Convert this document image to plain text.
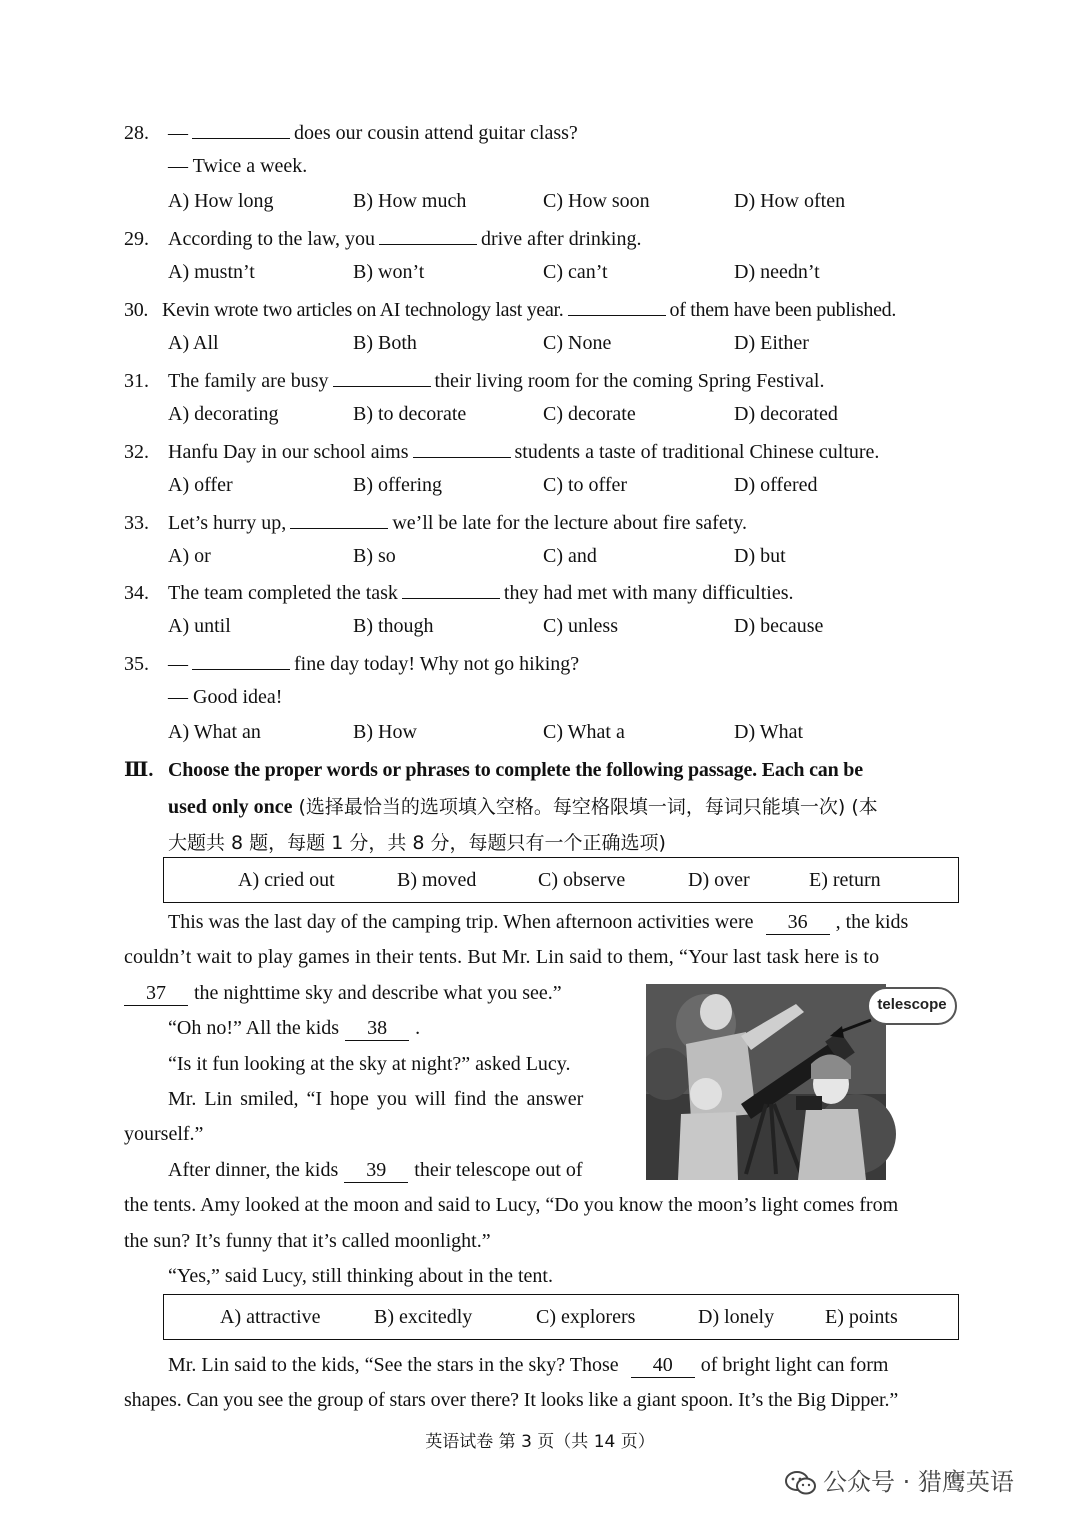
28. —	does our cousin attend guitar class?
— Twice a week.
A) How long	B) How much	C) How soon	D) How often
29. According to the law, you	drive after drinking.
A) mustn’t	B) won’t	C) can’t	D) needn’t
30. Kevin wrote two articles on AI technology last year.	of them have been published.
A) All	B) Both	C) None	D) Either
31. The family are busy	their living room for the coming Spring Festival.
A) decorating	B) to decorate	C) decorate	D) decorated
32. Hanfu Day in our school aims	students a taste of traditional Chinese culture.
A) offer	B) offering	C) to offer	D) offered
33. Let’s hurry up,	we’ll be late for the lecture about fire safety.
A) or	B) so	C) and	D) but
34. The team completed the task	they had met with many difficulties.
A) until	B) though	C) unless	D) because
35. —	fine day today! Why not go hiking?
— Good idea!
A) What an	B) How	C) What a	D) What
Ⅲ. Choose the proper words or phrases to complete the following passage. Each can be
used only once (选择最恰当的选项填入空格。每空格限填一词，每词只能填一次) (本
大题共 8 题，每题 1 分，共 8 分，每题只有一个正确选项)
A) cried out	B) moved	C) observe	D) over	E) return
This was the last day of the camping trip. When afternoon activities were 36 , the kids
couldn’t wait to play games in their tents. But Mr. Lin said to them, “Your last task here is to
37 the nighttime sky and describe what you see.”
“Oh no!” All the kids 38 .
“Is it fun looking at the sky at night?” asked Lucy.
Mr. Lin smiled, “I hope you will find the answer
yourself.”
After dinner, the kids 39 their telescope out of
the tents. Amy looked at the moon and said to Lucy, “Do you know the moon’s light comes from
the sun? It’s funny that it’s called moonlight.”
“Yes,” said Lucy, still thinking about in the tent.
A) attractive	B) excitedly	C) explorers	D) lonely	E) points
Mr. Lin said to the kids, “See the stars in the sky? Those 40 of bright light can form
shapes. Can you see the group of stars over there? It looks like a giant spoon. It’s the Big Dipper.”
telescope
英语试卷 第 3 页（共 14 页）
公众号 · 猎鹰英语
